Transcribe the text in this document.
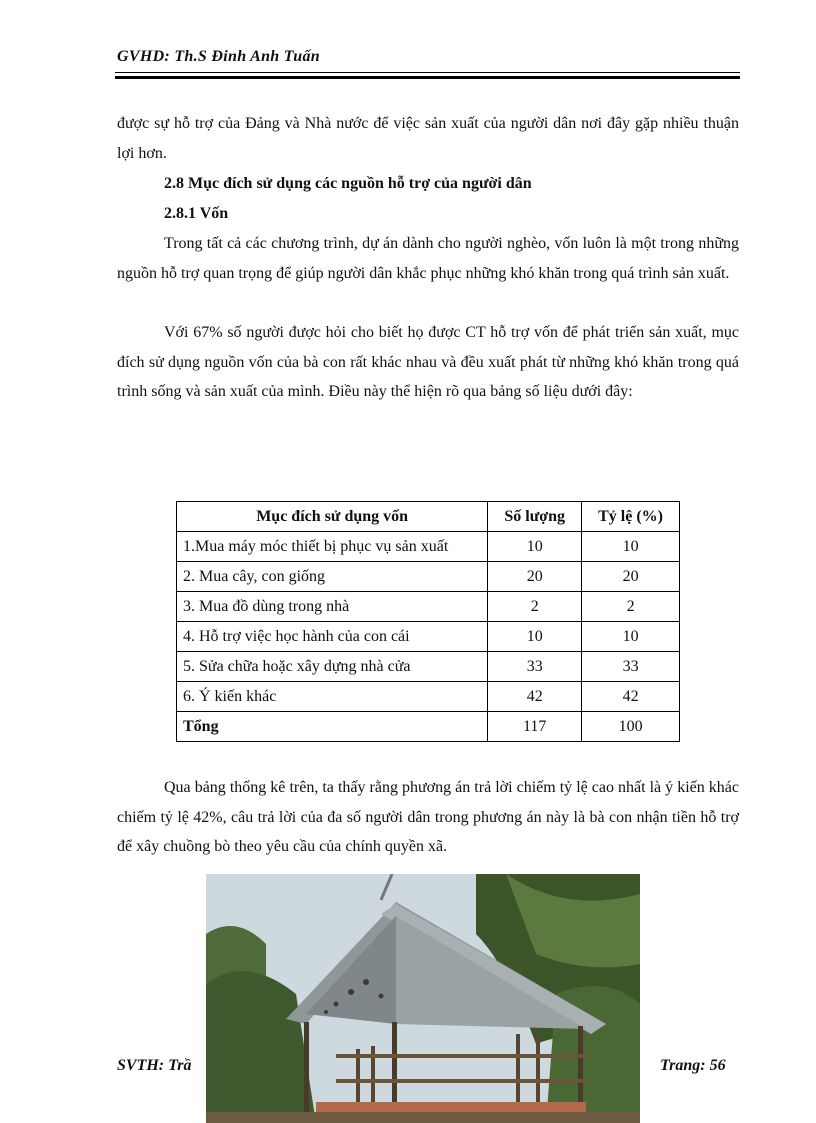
GVHD: Th.S Đinh Anh Tuấn

được sự hỗ trợ của Đảng và Nhà nước để việc sản xuất của người dân nơi đây gặp nhiều thuận lợi hơn.

2.8 Mục đích sử dụng các nguồn hỗ trợ của người dân

2.8.1 Vốn

Trong tất cả các chương trình, dự án dành cho người nghèo, vốn luôn là một trong những nguồn hỗ trợ quan trọng để giúp người dân khắc phục những khó khăn trong quá trình sản xuất.

Với 67% số người được hỏi cho biết họ được CT hỗ trợ vốn để phát triển sản xuất, mục đích sử dụng nguồn vốn của bà con rất khác nhau và đều xuất phát từ những khó khăn trong quá trình sống và sản xuất của mình. Điều này thể hiện rõ qua bảng số liệu dưới đây:

Mục đích sử dụng vốn	Số lượng	Tỷ lệ (%)
1.Mua máy móc thiết bị phục vụ sản xuất	10	10
2. Mua cây, con giống	20	20
3. Mua đồ dùng trong nhà	2	2
4. Hỗ trợ việc học hành của con cái	10	10
5. Sửa chữa hoặc xây dựng nhà cửa	33	33
6. Ý kiến khác	42	42
Tổng	117	100

Qua bảng thống kê trên, ta thấy rằng phương án trả lời chiếm tỷ lệ cao nhất là ý kiến khác chiếm tỷ lệ 42%, câu trả lời của đa số người dân trong phương án này là bà con nhận tiền hỗ trợ để xây chuồng bò theo yêu cầu của chính quyền xã.

SVTH: Trầ	Trang: 56
